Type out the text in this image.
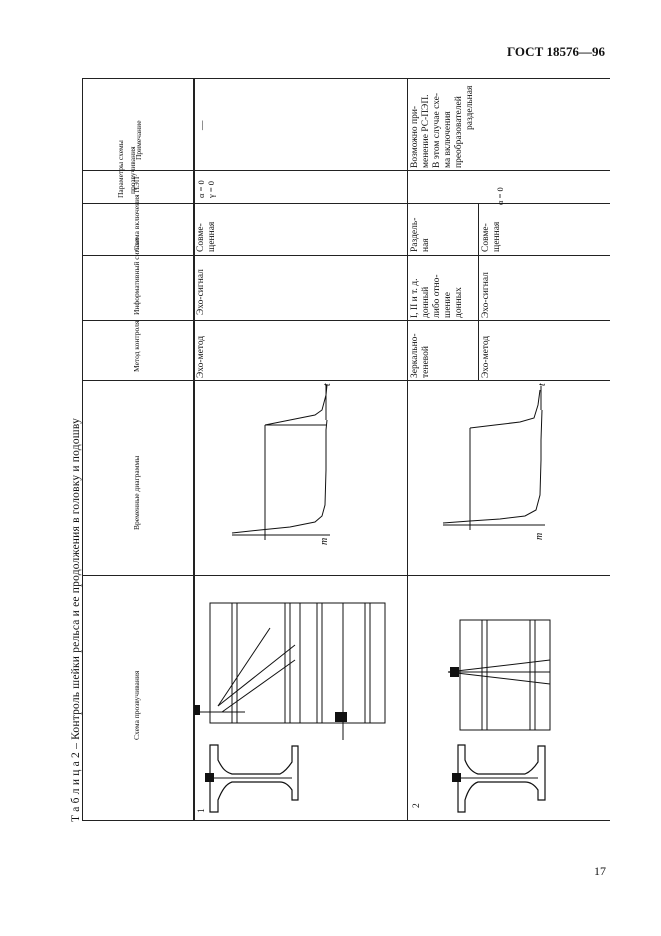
ГОСТ 18576—96
17
Т а б л и ц а 2 – Контроль шейки рельса и ее продолжения в головку и подошву
Примечание
Параметры схемы прозвучивания
Схема включения ПЭП
Информативный сигнал
Метод контроля
Временные диаграммы
Схема прозвучивания
—
α = 0 γ = 0
Совме- щенная
Эхо-сигнал
Эхо-метод
1
Возможно при- менение РС-ПЭП. В этом случае схе- ма включения преобразователей раздельная
α = 0
Раздель- ная	Совме- щенная
I, II и т. д. донный либо отно- шение донных Эхо-сигнал
Зеркально- теневой	Эхо-метод
2
m
t
m
t
